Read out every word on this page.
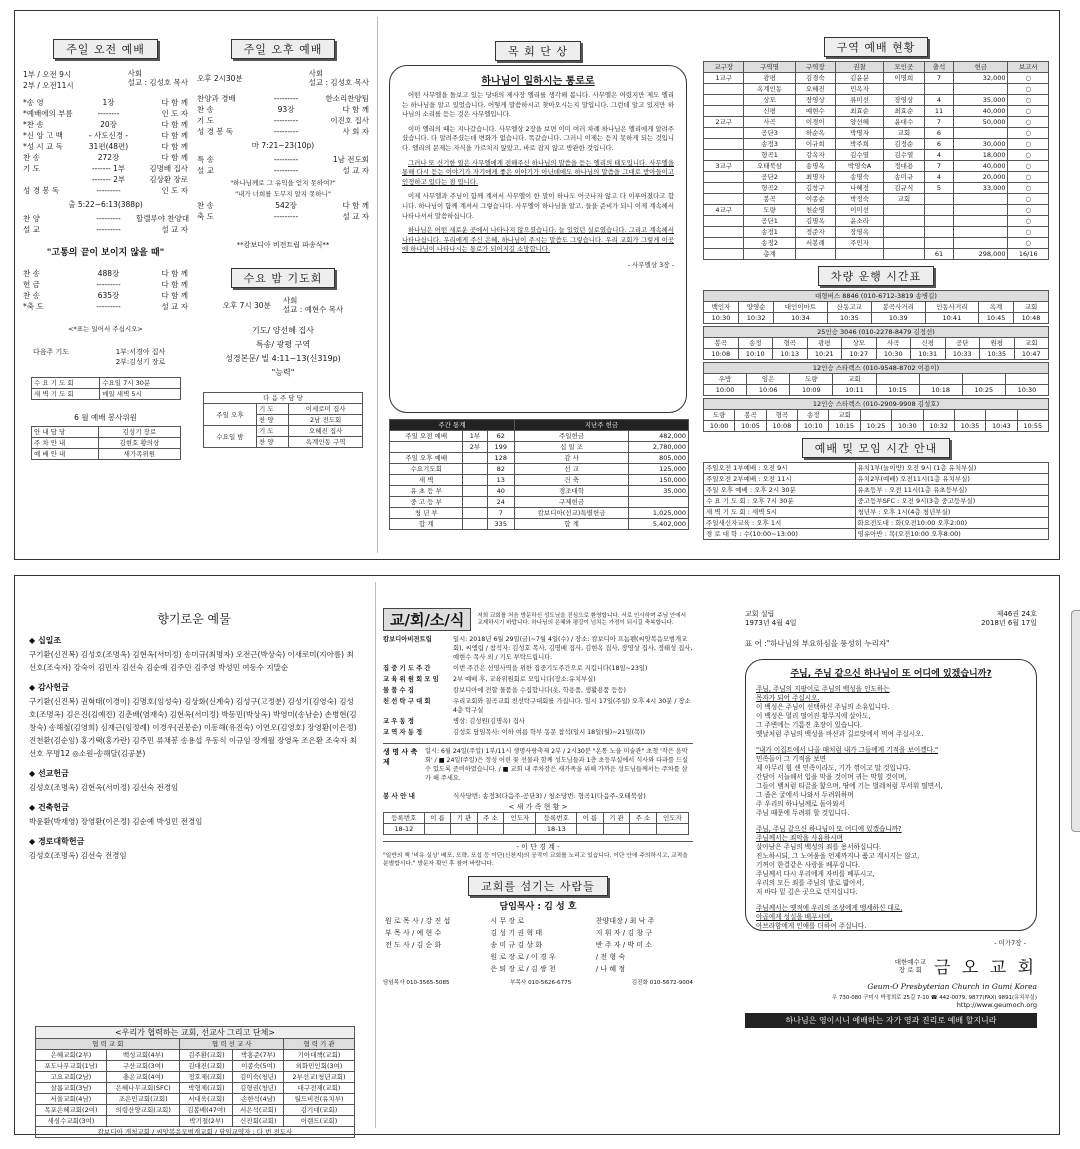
주일 오전 예배
1부 / 오전 9시
2부 / 오전11시
사회
설교 : 김성호 목사
*송 영	1장	다 함 께
*예배에의 부름	--------	인 도 자
*찬 송	20장	다 함 께
*신 앙 고 백	- 사도신경 -	다 함 께
*성 시 교 독	31편(48편)	다 함 께
찬 송	272장	다 함 께
기 도	------- 1부	김명배 집사
------- 2부	김상환 장로
성 경 봉 독	---------	인 도 자
출 5:22~6:13(388p)
찬 양	---------	할렐루야 찬양대
설 교	---------	설 교 자
"고통의 끝이 보이지 않을 때"
찬 송	488장	다 함 께
헌 금	---------	다 함 께
찬 송	635장	다 함 께
*축 도	---------	설 교 자
<*표는 일어서 주십시오>
다음주 기도	1부:서경아 집사
2부:김성기 장로
수 요 기 도 회	수요일 7시 30분
새 벽 기 도 회	매일 새벽 5시
6 월 예배 봉사위원
안 내 담 당	김성기 장로
주 차 안 내	김현호 황의상
예 배 안 내	새가족위원
주일 오후 예배
오후 2시30분	사회
설교 : 김성호 목사
찬양과 경배	---------	한소리찬양팀
찬 송	93장	다 함 께
기 도	---------	이진호 집사
성 경 봉 독	---------	사 회 자
마 7:21~23(10p)
특 송	---------	1남 전도회
설 교	---------	설 교 자
"하나님께로 그 유익을 얻지 못하여?"
"내가 너희를 도무지 알지 못하니"
찬 송	542장	다 함 께
축 도	---------	설 교 자
**캄보디아 비전트립 파송식**
수요 밤 기도회
오후 7시 30분 사회
설교 : 예현수 목사
기도/ 양선혜 집사
특송/ 광평 구역
성경본문/ 빌 4:11~13(신319p)
"능력"
다 음 주 담 당		
주일 오후	기 도	이세로미 집사
	찬 양	2남 전도회
수요일 밤	기 도	오혜진 집사
	찬 양	옥계인동 구역
목 회 단 상
하나님이 일하시는 통로로

어떤 사무엘을 돌보고 있는 당대의 제사장 엘리를 생각해 봅니다. 사무엘은 어렸지만 제도 엘리는 하나님을 알고 있었습니다. 어떻게 말씀하시고 찾아오시는지 말입니다. 그런데 알고 있지만 하나님의 소리를 듣는 것은 사무엘입니다.

이미 엘리의 때는 지나갔습니다. 사무엘상 2장을 보면 이미 여러 차례 하나님은 엘리에게 알려주셨습니다. 다 알려주셨는데 변화가 없습니다. 똑같습니다. 그러니 이제는 듣지 못하게 되는 것입니다. 엘리의 문제는 자식을 가르치지 않았고, 바로 잡지 않고 방관한 것입니다.

그러나 또 신기한 일은 사무엘에게 전해주신 하나님의 말씀을 듣는 엘리의 태도입니다. 사무엘을 통해 다시 듣는 이야기가 자기에게 좋은 이야기가 아닌데에도 하나님의 말씀을 그대로 받아들이고 인정하고 있다는 점 입니다.

이제 사무엘과 주님이 함께 계셔서 사무엘이 한 말이 하나도 어긋나지 않고 다 이루어졌다고 합니다. 하나님이 함께 계셔서 그렇습니다. 사무엘이 하나님을 알고, 들을 준비가 되니 이제 계속해서 나타나셔서 말씀하십니다.

하나님은 어떤 새로운 곳에서 나타나지 않으셨습니다. 늘 있었던 실로였습니다. 그리고 계속해서 나타나십니다. 우리에게 주신 은혜, 하나님이 주시는 말씀도 그렇습니다. 우리 교회가 그렇게 이곳에 하나님이 나타나시는 통로가 되어지길 소망합니다.

- 사무엘상 3장 -
주간 통계			지난주 헌금	
주일 오전 예배	1부	62	주일헌금	482,000
	2부	199	십 일 조	2,780,000
주일 오후 예배		128	감 사	805,000
수요기도회		82	선 교	125,000
새 벽		13	건 축	150,000
유 초 등 부		40	경조대학	35,000
중 고 등 부		24	구제헌금	
청 년 부		7	캄보디아(선교)특별헌금	1,025,000
합 계		335	합 계	5,402,000
구역 예배 현황
교구장	구역명	구역장	권찰	모인곳	출석	헌금	보고서
1교구	광평	김경숙	김윤분	이명희	7	32,000	○
	옥계인동	오혜진	민옥자				○
	상모	장영상	류미선	장영상	4	35,000	○
	신평	예현수	최효순	최효순	11	40,000	○
2교구	사곡	이경이	양선혜	윤대수	7	50,000	○
	공단3	하순옥	박명자	교회	6		○
	송정3	이규희	박주희	김정순	6	30,000	○
	형곡1	강옥자	김수열	김수열	4	18,000	○
3교구	오태북삼	송명옥	박영숙A	정대용	7	40,000	○
	공단2	최명자	송명숙	송미규	4	20,000	○
	형곡2	김창구	나혜정	김규식	5	33,000	○
	봉곡	이종순	박정숙	교회			○
4교구	도량	천순영	이미선				○
	공단1	김명옥	윤소라				○
	송정1	정준자	장영옥				○
	송정2	서봉례	주민자				○
	총계				61	298,000	16/16
차량 운행 시간표
대형버스 8846 (010-6712-3819 송병길)							
백인자	양영순	대인이마트	산동고교	봉곡사거리	인동사거리	옥계	교회
10:30	10:32	10:34	10:35	10:39	10:41	10:45	10:48
25인승 3046 (010-2278-8479 김정선)									
봉곡	송정	형곡	광평	상모	사곡	신평	공단	원평	교회
10:08	10:10	10:13	10:21	10:27	10:30	10:31	10:33	10:35	10:47
12인승 스타렉스 (010-9548-8702 이용이)							
우방	임은	도량	교회				
10:00	10:06	10:09	10:11	10:15	10:18	10:25	10:30
12인승 스타렉스 (010-2909-9908 김성호)										
도량	봉곡	형곡	송정	교회						
10:00	10:05	10:08	10:10	10:15	10:25	10:30	10:32	10:35	10:43	10:55
예배 및 모임 시간 안내
주일오전 1부예배 : 오전 9시	유치1부(놀이방) 오전 9시 (1층 유치부실)
주일오전 2부예배 : 오전 11시	유치2부(예배) 오전11시(1층 유치부실)
주일 오후 예배 : 오후 2시 30분	유초등부 : 오전 11시(1층 유초등부실)
수 요 기 도 회 : 오후 7시 30분	중고등부SFC : 오전 9시(3층 중고등부실)
새 벽 기 도 회 : 새벽 5시	청년부 : 오후 1시(4층 청년부실)
주일새신자교육 : 오후 1시	화요전도대 : 화(오전10:00 오후2:00)
경 로 대 학 : 수(10:00~13:00)	영유아반 : 목(오전10:00 오후8:00)
향기로운 예물
◆ 십일조
구기환(신진복) 김성호(조명옥) 김현옥(서미정) 송미규(최명자) 오전근(박상숙) 이새로미(지아름) 최선호(조숙자) 강숙이 김민자 김선숙 김순예 김주민 김주영 박성민 여동수 지말순
◆ 감사헌금
구기환(신진복) 권혁태(이경이) 김명호(임성숙) 김상화(신계숙) 김성구(고정분) 김성기(김영숙) 김성호(조명옥) 김은진(김예진) 김춘배(염재숙) 김현옥(서미정) 박동민(박상옥) 박영미(송남순) 손병현(김창숙) 송해철(김영희) 심재근(임정례) 이경우(권봉순) 이동해(유진숙) 이연오(김영호) 장영환(이은정) 진천환(김순임) 홍기택(홍가란) 김주민 류채봉 송용섭 우동식 이규임 장계월 장영옥 조은환 조숙자 최선호 무명12 ◎소원-송해달(김공분)
◆ 선교헌금
김성호(조명옥) 김현옥(서미정) 김선숙 전경임
◆ 건축헌금
박윤환(박재영) 장영환(이은정) 김순예 박성민 전경임
◆ 경로대학헌금
김성호(조명옥) 김선숙 전경임
<우리가 협력하는 교회, 선교사 그리고 단체>
협 력 교 회		협 력 선 교 사		협 력 기 관
은혜교회(2부)	백성교회(4부)	김주환(교회)	박홍준(7부)	기아대책(교회)
포도나무교회(1남)	구산교회(3여)	김대진(교회)	이종숙(5여)	외화민인회(3여)
고요교회(2남)	충은교회(4여)	정호제(교회)	김미숙(청년)	2부선교(청년교회)
살롬교회(3남)	은혜나무교회(SFC)	박형제(교회)	김형권(청년)	대구전재(교회)
서울교회(4남)	조은민교회(교회)	서대욱(교회)	손한석(4남)	월드비전(유치부)
목포은혜교회(2여)	의령산양교회(교회)	김봉배(47여)	서은석(교회)	김기대(교회)
새싱수교회(3여)		박기철(2부)	신진회(교회)	이랜드(교회)
캄보디아 개척교회 / 씨앗복음모범개교회 / 담임교역자 : 다 번 전도사				
교/회/소/식	저희 교회를 처음 방문하신 성도님을 진심으로 환영합니다. 서로 인사하며 주님 안에서 교제하시기 바랍니다. 하나님의 은혜와 평강이 넘치는 가정이 되시길 축복합니다.
캄보디아비전트립	일시: 2018년 6월 29일(금)~7월 4일(수) / 장소: 캄보디아 프놈펜(씨앗복음모범개교회), 씨엠립 / 참석자: 김성호 목사, 김명배 집사, 김현옥 집사, 장영상 집사, 정태성 집사, 예현수 목사 외 / 기도 부탁드립니다.
집 중 기 도 주 간	이번 주간은 선영사역을 위한 집중기도주간으로 지킵니다(18일~23일)
교 육 위 원 회 모 임	2부 예배 후, 교육위원회로 모입니다(장소:유치부실)
물 품 수 집	캄보디아에 전할 물품을 수집합니다(옷, 학용품, 생활용품 등등)
친 선 탁 구 대 회	우리교회와 칠곡교회 친선탁구대회를 가집니다. 일시 17일(주일) 오후 4시 30분 / 장소 4층 탁구실
교 우 동 정	병상: 김성원(김명옥) 집사
교 역 자 동 정	김성호 담임목사: 이하 여름 학부 동문 참석(일시 18일(월)~21일(목))
생 명 사 축 제
일시: 6월 24일(주일) 1부/11시 생명사랑축제 2부 / 2시30분 "온통 노을 미술관" 초청 '작은 음악회' / ■ 24일(주일)은 정성 어린 꽃 선물과 함께 성도님들과 1층 초등부실에서 식사와 다과를 드실 수 있도록 준비하였습니다. / ■ 교회 내 주차장은 새가족을 위해 가까운 성도님들께서는 주차를 삼가 해 주세요.
봉 사 안 내	식사당번: 송정3(다음주-공단3) / 청소당번: 형곡1(다음주-오태북삼)
< 새 가 족 현 황 >
등록번호	이 름	기 관	주 소	인도자	등록번호	이 름	기 관	주 소	인도자
18-12					18-13				
- 이 단 경 계 -
"일반의 책 '비유 실상' 배포, 모략, 포섭 등 이단(신천지)의 공작이 교회를 노리고 있습니다. 이단 안에 주의하시고, 교적을 분별합시다." 방문자 확인 후 참여 바랍니다.
교회를 섬기는 사람들
담임목사 : 김 성 호
원 로 목 사 / 강 진 섭	시 무 장 로	찬양대장 / 최 낙 주
부 목 사 / 예 현 수	김 성 기 권 혁 태	지 휘 자 / 김 창 구
전 도 사 / 김 순 화	송 미 규 김 상 화	반 주 자 / 박 미 소
	원 로 장 로 / 이 경 우	/ 전 형 숙
	은 퇴 장 로 / 김 쌍 천	/ 나 혜 정
담임목사 010-3565-5085	부목사 010-5626-6775	김진화 010-5672-9004
교회 설립
1973년 4월 4일
제46권 24호
2018년 6월 17일
표 어 :"하나님의 부요하심을 풍성히 누리자"
주님, 주님 같으신 하나님이 또 어디에 있겠습니까?
주님, 주님의 지팡이로 주님의 백성을 인도하는
목자가 되어 주십시오.
이 백성은 주님이 선택하신 주님의 소유입니다.
이 백성은 멀리 떨어진 황무지에 살아도,
그 주변에는 기름진 초장이 있습니다.
옛날처럼 주님의 백성을 바산과 길르앗에서 먹여 주십시오.
"내가 이집트에서 나올 때처럼 내가 그들에게 기적을 보이겠다."
민족들이 그 기적을 보면
제 아무리 힘 센 민족이라도, 기가 꺾이고 말 것입니다.
간담이 서늘해서 입을 막을 것이며 귀는 막힐 것이며,
그들이 뱀처럼 티끌을 핥으며, 땅에 기는 벌레처럼 무서워 떨면서,
그 좁은 굴에서 나와서 두려워하며
주 우리의 하나님께로 돌아와서
주님 때문에 두려워 할 것입니다.
주님, 주님 같으신 하나님이 또 어디에 있겠습니까?
주님께서는 죄악을 사유하시며
살아남은 주님의 백성의 죄를 용서하십니다.
진노하시되, 그 노여움을 언제까지나 품고 계시지는 않고,
기꺼이 한결같은 사랑을 베푸십니다.
주님께서 다시 우리에게 자비를 베푸시고,
우리의 모든 죄를 주님의 발로 밟아서,
저 바다 밑 깊은 곳으로 던지십니다.
주님께서는 옛적에 우리의 조상에게 맹세하신 대로,
야곱에게 성실을 베푸시며,
아브라함에게 인애를 더하여 주십니다.
- 미가7장 -
대한예수교
장 로 회 금 오 교 회
Geum-O Presbyterian Church in Gumi Korea
우 730-080 구미시 박정희로 25길 7-10 ☎ 442-0079, 9877(FAX) 9891(유치부실)
http://www.geumoch.org
하나님은 영이시니 예배하는 자가 영과 진리로 예배 할지니라
